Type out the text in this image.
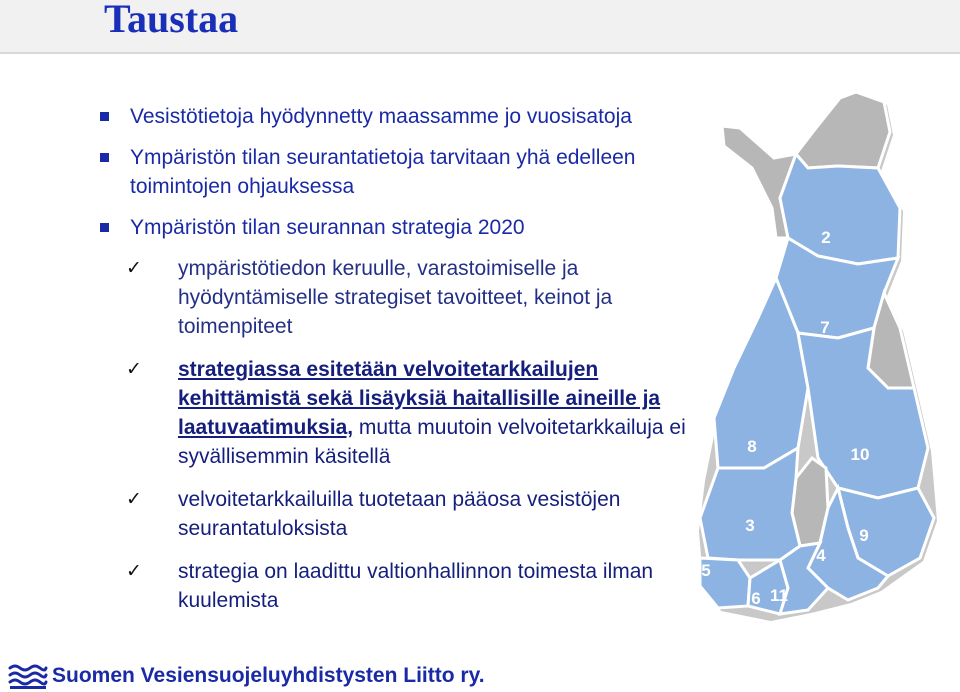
Taustaa
Vesistötietoja hyödynnetty maassamme jo vuosisatoja
Ympäristön tilan seurantatietoja tarvitaan yhä edelleen toimintojen ohjauksessa
Ympäristön tilan seurannan strategia 2020
✓ ympäristötiedon keruulle, varastoimiselle ja hyödyntämiselle strategiset tavoitteet, keinot ja toimenpiteet
✓ strategiassa esitetään velvoitetarkkailujen kehittämistä sekä lisäyksiä haitallisille aineille ja laatuvaatimuksia, mutta muutoin velvoitetarkkailuja ei syvällisemmin käsitellä
✓ velvoitetarkkailuilla tuotetaan pääosa vesistöjen seurantatuloksista
✓ strategia on laadittu valtionhallinnon toimesta ilman kuulemista
2
7
8	10
3
9
4
5
6 11
Suomen Vesiensuojeluyhdistysten Liitto ry.
